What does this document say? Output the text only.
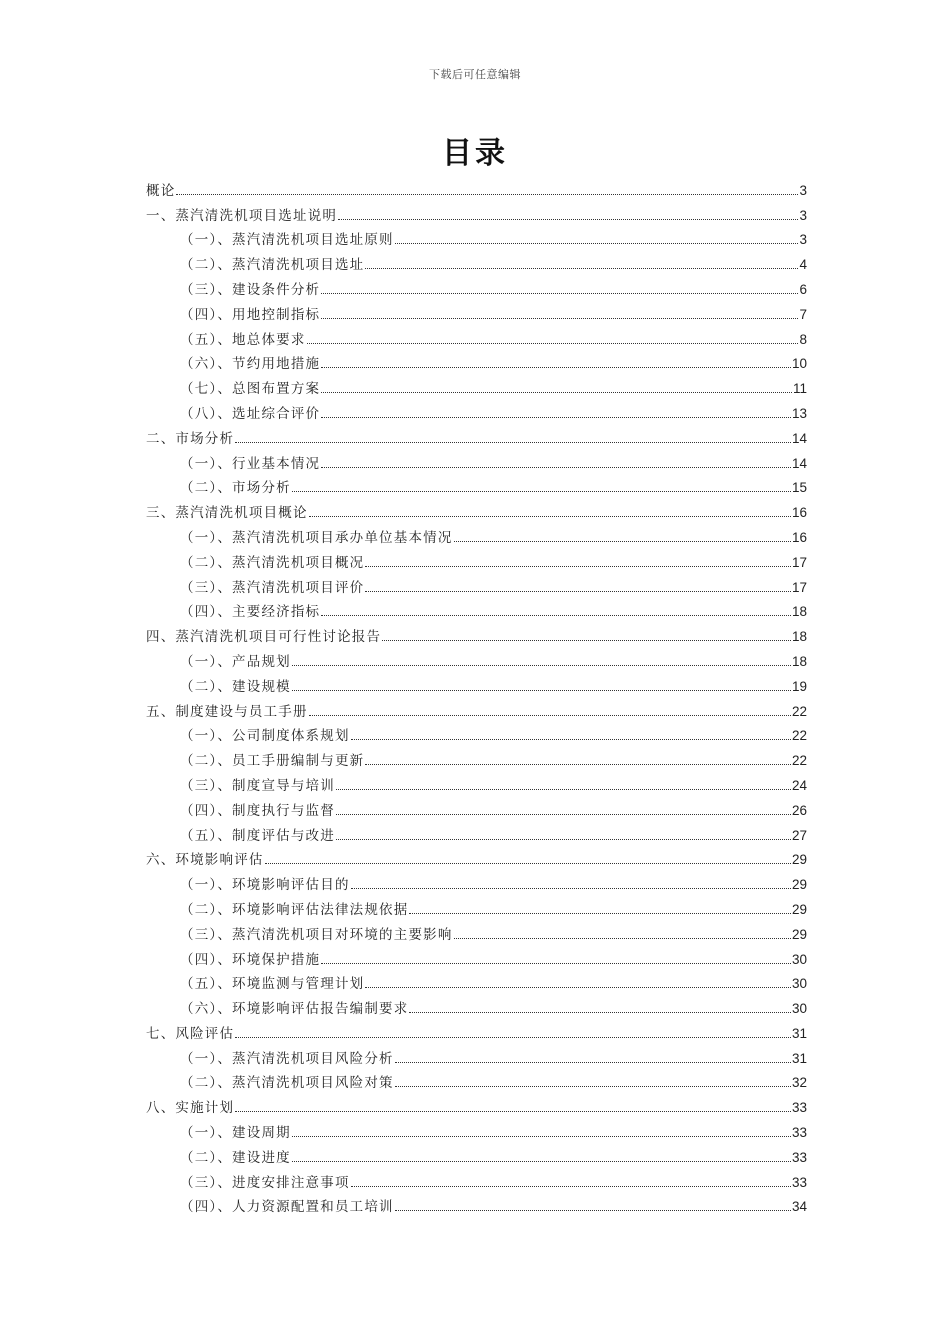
下载后可任意编辑
目录
概论	3
一、蒸汽清洗机项目选址说明	3
（一）、蒸汽清洗机项目选址原则	3
（二）、蒸汽清洗机项目选址	4
（三）、建设条件分析	6
（四）、用地控制指标	7
（五）、地总体要求	8
（六）、节约用地措施	10
（七）、总图布置方案	11
（八）、选址综合评价	13
二、市场分析	14
（一）、行业基本情况	14
（二）、市场分析	15
三、蒸汽清洗机项目概论	16
（一）、蒸汽清洗机项目承办单位基本情况	16
（二）、蒸汽清洗机项目概况	17
（三）、蒸汽清洗机项目评价	17
（四）、主要经济指标	18
四、蒸汽清洗机项目可行性讨论报告	18
（一）、产品规划	18
（二）、建设规模	19
五、制度建设与员工手册	22
（一）、公司制度体系规划	22
（二）、员工手册编制与更新	22
（三）、制度宣导与培训	24
（四）、制度执行与监督	26
（五）、制度评估与改进	27
六、环境影响评估	29
（一）、环境影响评估目的	29
（二）、环境影响评估法律法规依据	29
（三）、蒸汽清洗机项目对环境的主要影响	29
（四）、环境保护措施	30
（五）、环境监测与管理计划	30
（六）、环境影响评估报告编制要求	30
七、风险评估	31
（一）、蒸汽清洗机项目风险分析	31
（二）、蒸汽清洗机项目风险对策	32
八、实施计划	33
（一）、建设周期	33
（二）、建设进度	33
（三）、进度安排注意事项	33
（四）、人力资源配置和员工培训	34
